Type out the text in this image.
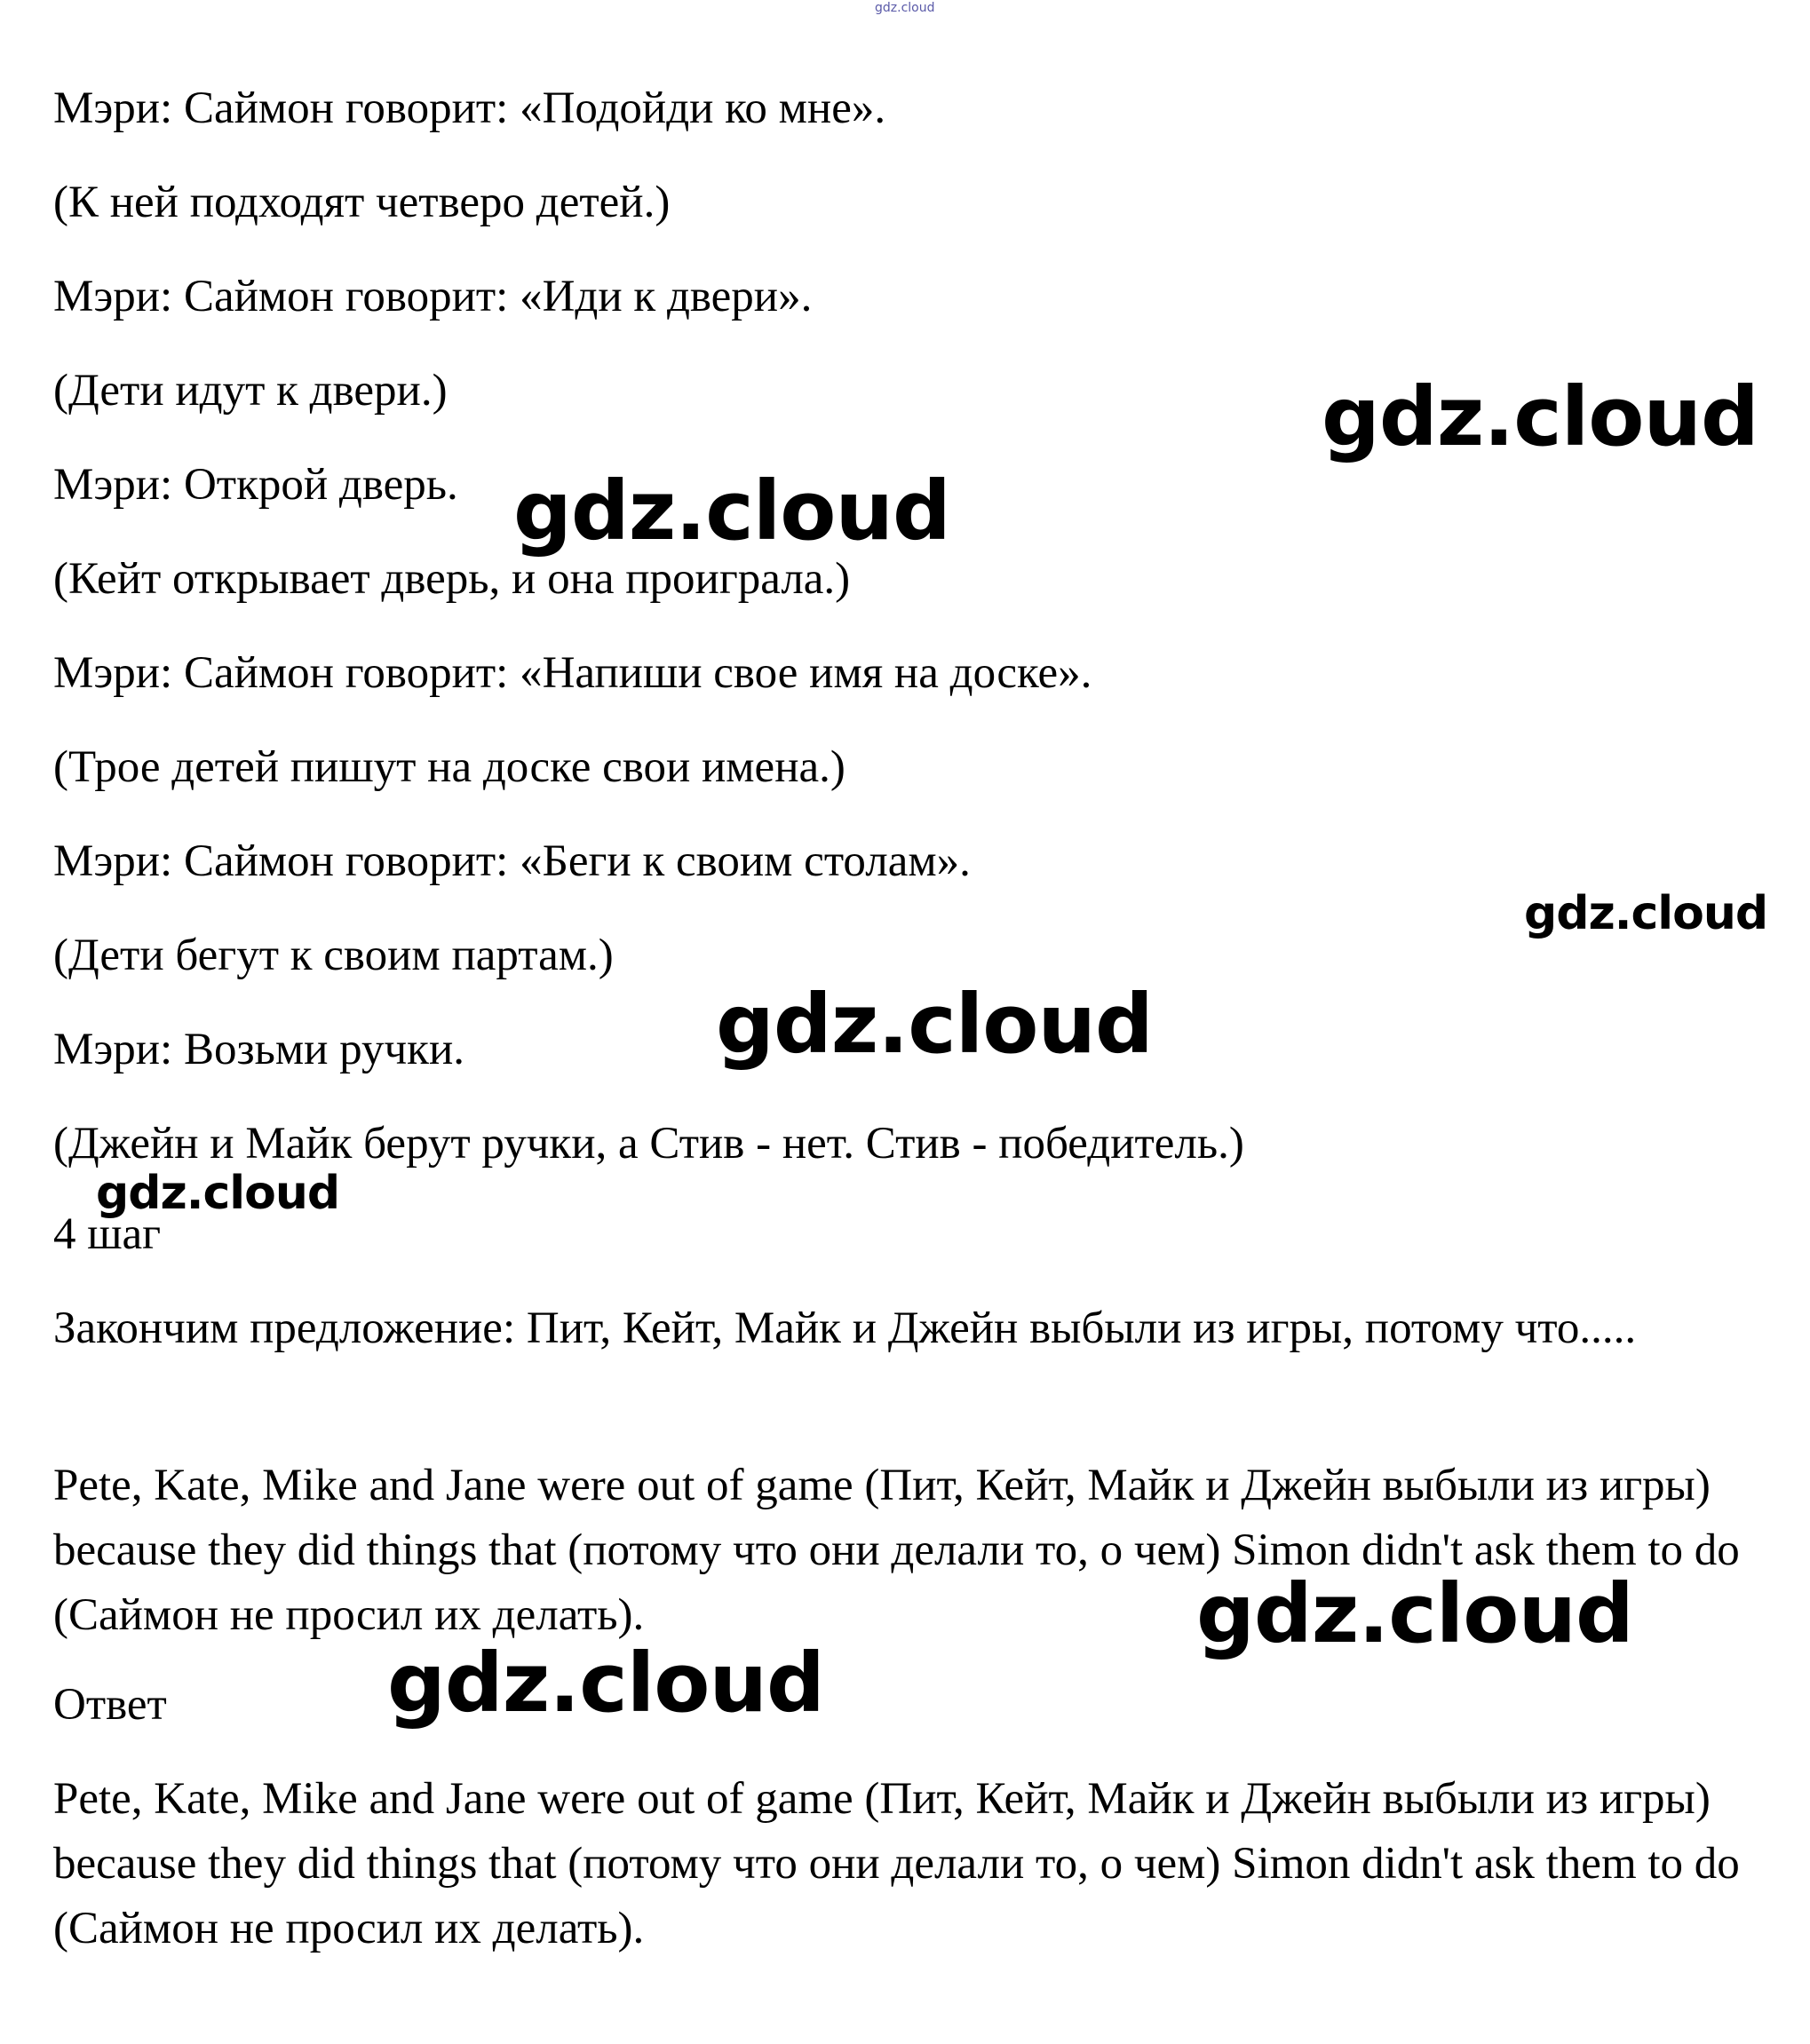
gdz.cloud

Мэри: Саймон говорит: «Подойди ко мне».

(К ней подходят четверо детей.)

Мэри: Саймон говорит: «Иди к двери».

(Дети идут к двери.)

Мэри: Открой дверь.

(Кейт открывает дверь, и она проиграла.)

Мэри: Саймон говорит: «Напиши свое имя на доске».

(Трое детей пишут на доске свои имена.)

Мэри: Саймон говорит: «Беги к своим столам».

(Дети бегут к своим партам.)

Мэри: Возьми ручки.

(Джейн и Майк берут ручки, а Стив - нет. Стив - победитель.)

4 шаг

Закончим предложение: Пит, Кейт, Майк и Джейн выбыли из игры, потому что.....

Pete, Kate, Mike and Jane were out of game (Пит, Кейт, Майк и Джейн выбыли из игры) because they did things that (потому что они делали то, о чем) Simon didn't ask them to do (Саймон не просил их делать).

Ответ

Pete, Kate, Mike and Jane were out of game (Пит, Кейт, Майк и Джейн выбыли из игры) because they did things that (потому что они делали то, о чем) Simon didn't ask them to do (Саймон не просил их делать).

gdz.cloud
gdz.cloud
gdz.cloud
gdz.cloud
gdz.cloud
gdz.cloud
gdz.cloud
